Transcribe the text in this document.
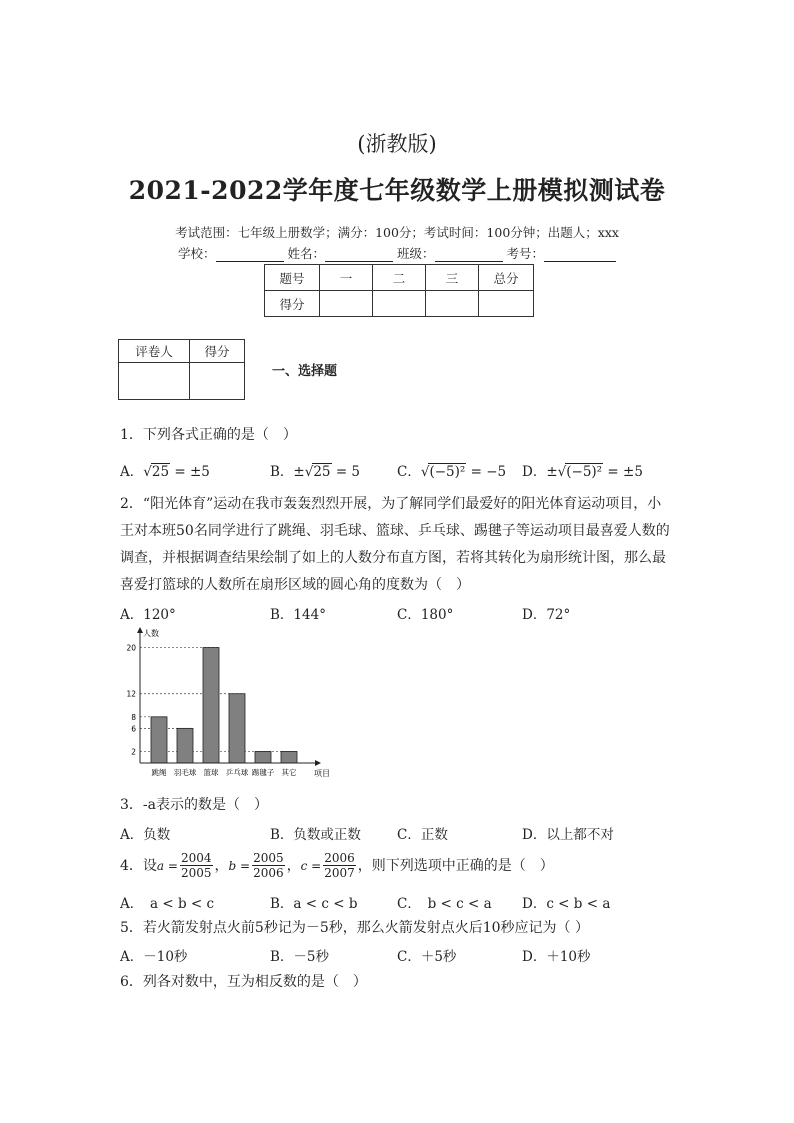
(浙教版)
2021-2022学年度七年级数学上册模拟测试卷
考试范围：七年级上册数学；满分：100分；考试时间：100分钟；出题人；xxx
学校：	姓名：	班级：	考号：
题号	一	二	三	总分
得分				
评卷人	得分

一、选择题
1．下列各式正确的是（　）
A．√25 = ±5	B．±√25 = 5	C．√(−5)² = −5 D．±√(−5)² = ±5
2．“阳光体育”运动在我市轰轰烈烈开展，为了解同学们最爱好的阳光体育运动项目，小
王对本班50名同学进行了跳绳、羽毛球、篮球、乒乓球、踢毽子等运动项目最喜爱人数的
调查，并根据调查结果绘制了如上的人数分布直方图，若将其转化为扇形统计图，那么最
喜爱打篮球的人数所在扇形区域的圆心角的度数为（　）
A．120°	B．144°	C．180°	D．72°
人数
项目
2
6
8
12
20
跳绳 羽毛球 篮球 乒乓球 踢毽子 其它
3．-a表示的数是（　）
A．负数	B．负数或正数	C．正数	D．以上都不对
4．设 $a = \frac{2004}{2005}$ ， $b = \frac{2005}{2006}$ ， $c = \frac{2006}{2007}$ ，则下列选项中正确的是（　）
A．　a < b < c	B．a < c < b	C．　b < c < a D．c < b < a
5．若火箭发射点火前5秒记为－5秒，那么火箭发射点火后10秒应记为（ ）
A．－10秒	B．－5秒	C．＋5秒	D．＋10秒
6．列各对数中，互为相反数的是（　）
